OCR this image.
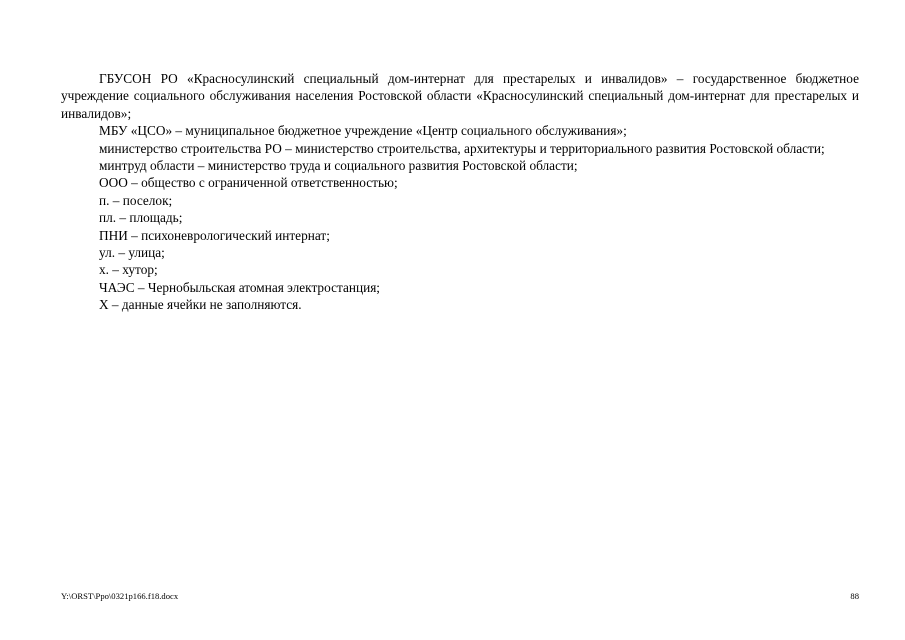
ГБУСОН РО «Красносулинский специальный дом-интернат для престарелых и инвалидов» – государственное бюджетное учреждение социального обслуживания населения Ростовской области «Красносулинский специальный дом-интернат для престарелых и инвалидов»;

МБУ «ЦСО» – муниципальное бюджетное учреждение «Центр социального обслуживания»;

министерство строительства РО – министерство строительства, архитектуры и территориального развития Ростовской области;

минтруд области – министерство труда и социального развития Ростовской области;

ООО – общество с ограниченной ответственностью;

п. – поселок;

пл. – площадь;

ПНИ – психоневрологический интернат;

ул. – улица;

х. – хутор;

ЧАЭС – Чернобыльская атомная электростанция;

Х – данные ячейки не заполняются.

Y:\ORST\Ppo\0321p166.f18.docx	88
